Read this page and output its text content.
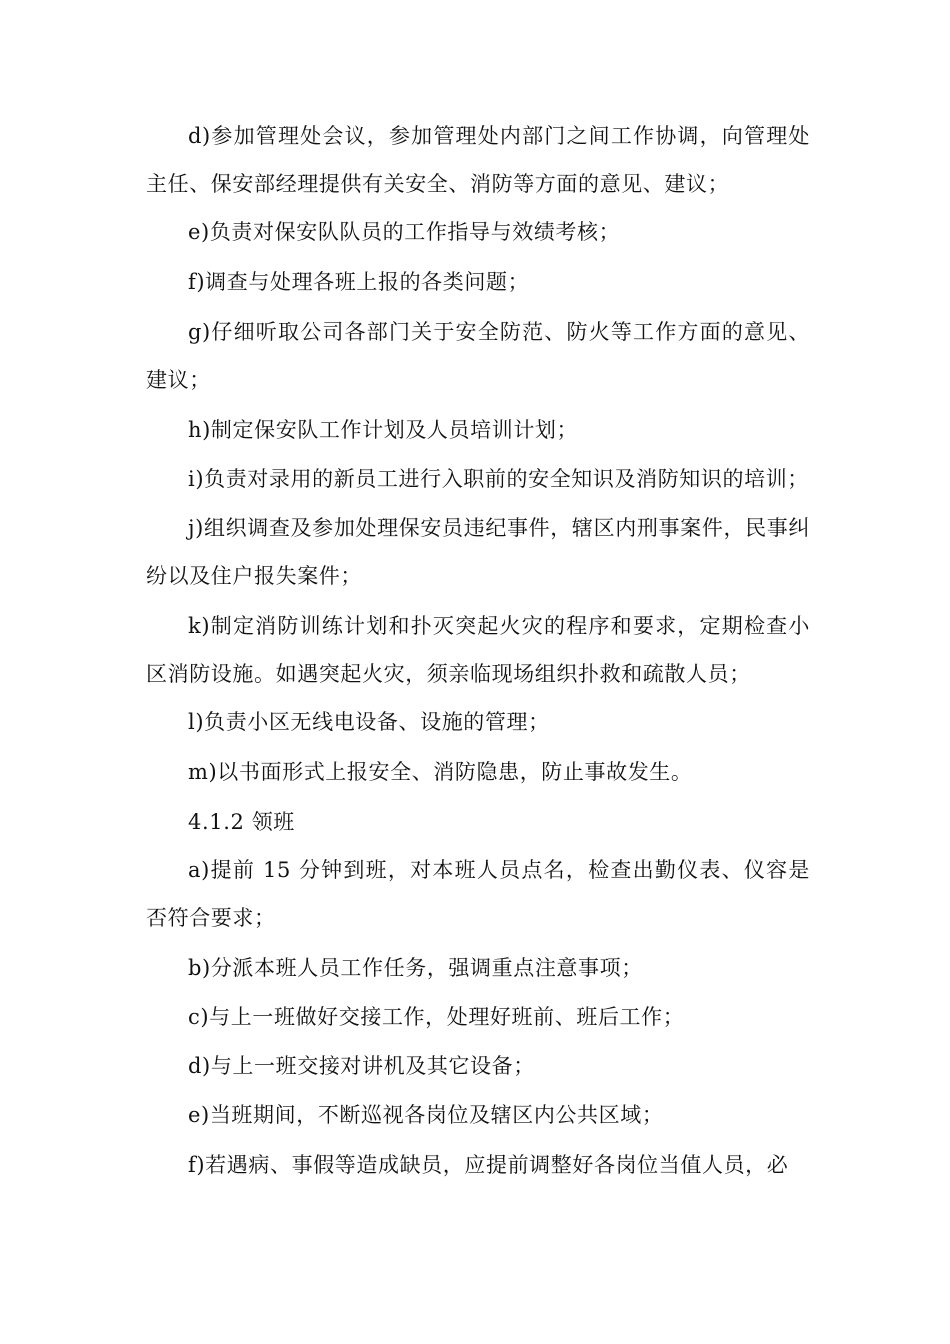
d)参加管理处会议，参加管理处内部门之间工作协调，向管理处主任、保安部经理提供有关安全、消防等方面的意见、建议；

e)负责对保安队队员的工作指导与效绩考核；

f)调查与处理各班上报的各类问题；

g)仔细听取公司各部门关于安全防范、防火等工作方面的意见、建议；

h)制定保安队工作计划及人员培训计划；

i)负责对录用的新员工进行入职前的安全知识及消防知识的培训；

j)组织调查及参加处理保安员违纪事件，辖区内刑事案件，民事纠纷以及住户报失案件；

k)制定消防训练计划和扑灭突起火灾的程序和要求，定期检查小区消防设施。如遇突起火灾，须亲临现场组织扑救和疏散人员；

l)负责小区无线电设备、设施的管理；

m)以书面形式上报安全、消防隐患，防止事故发生。

4.1.2 领班

a)提前 15 分钟到班，对本班人员点名，检查出勤仪表、仪容是否符合要求；

b)分派本班人员工作任务，强调重点注意事项；

c)与上一班做好交接工作，处理好班前、班后工作；

d)与上一班交接对讲机及其它设备；

e)当班期间，不断巡视各岗位及辖区内公共区域；

f)若遇病、事假等造成缺员，应提前调整好各岗位当值人员，必
